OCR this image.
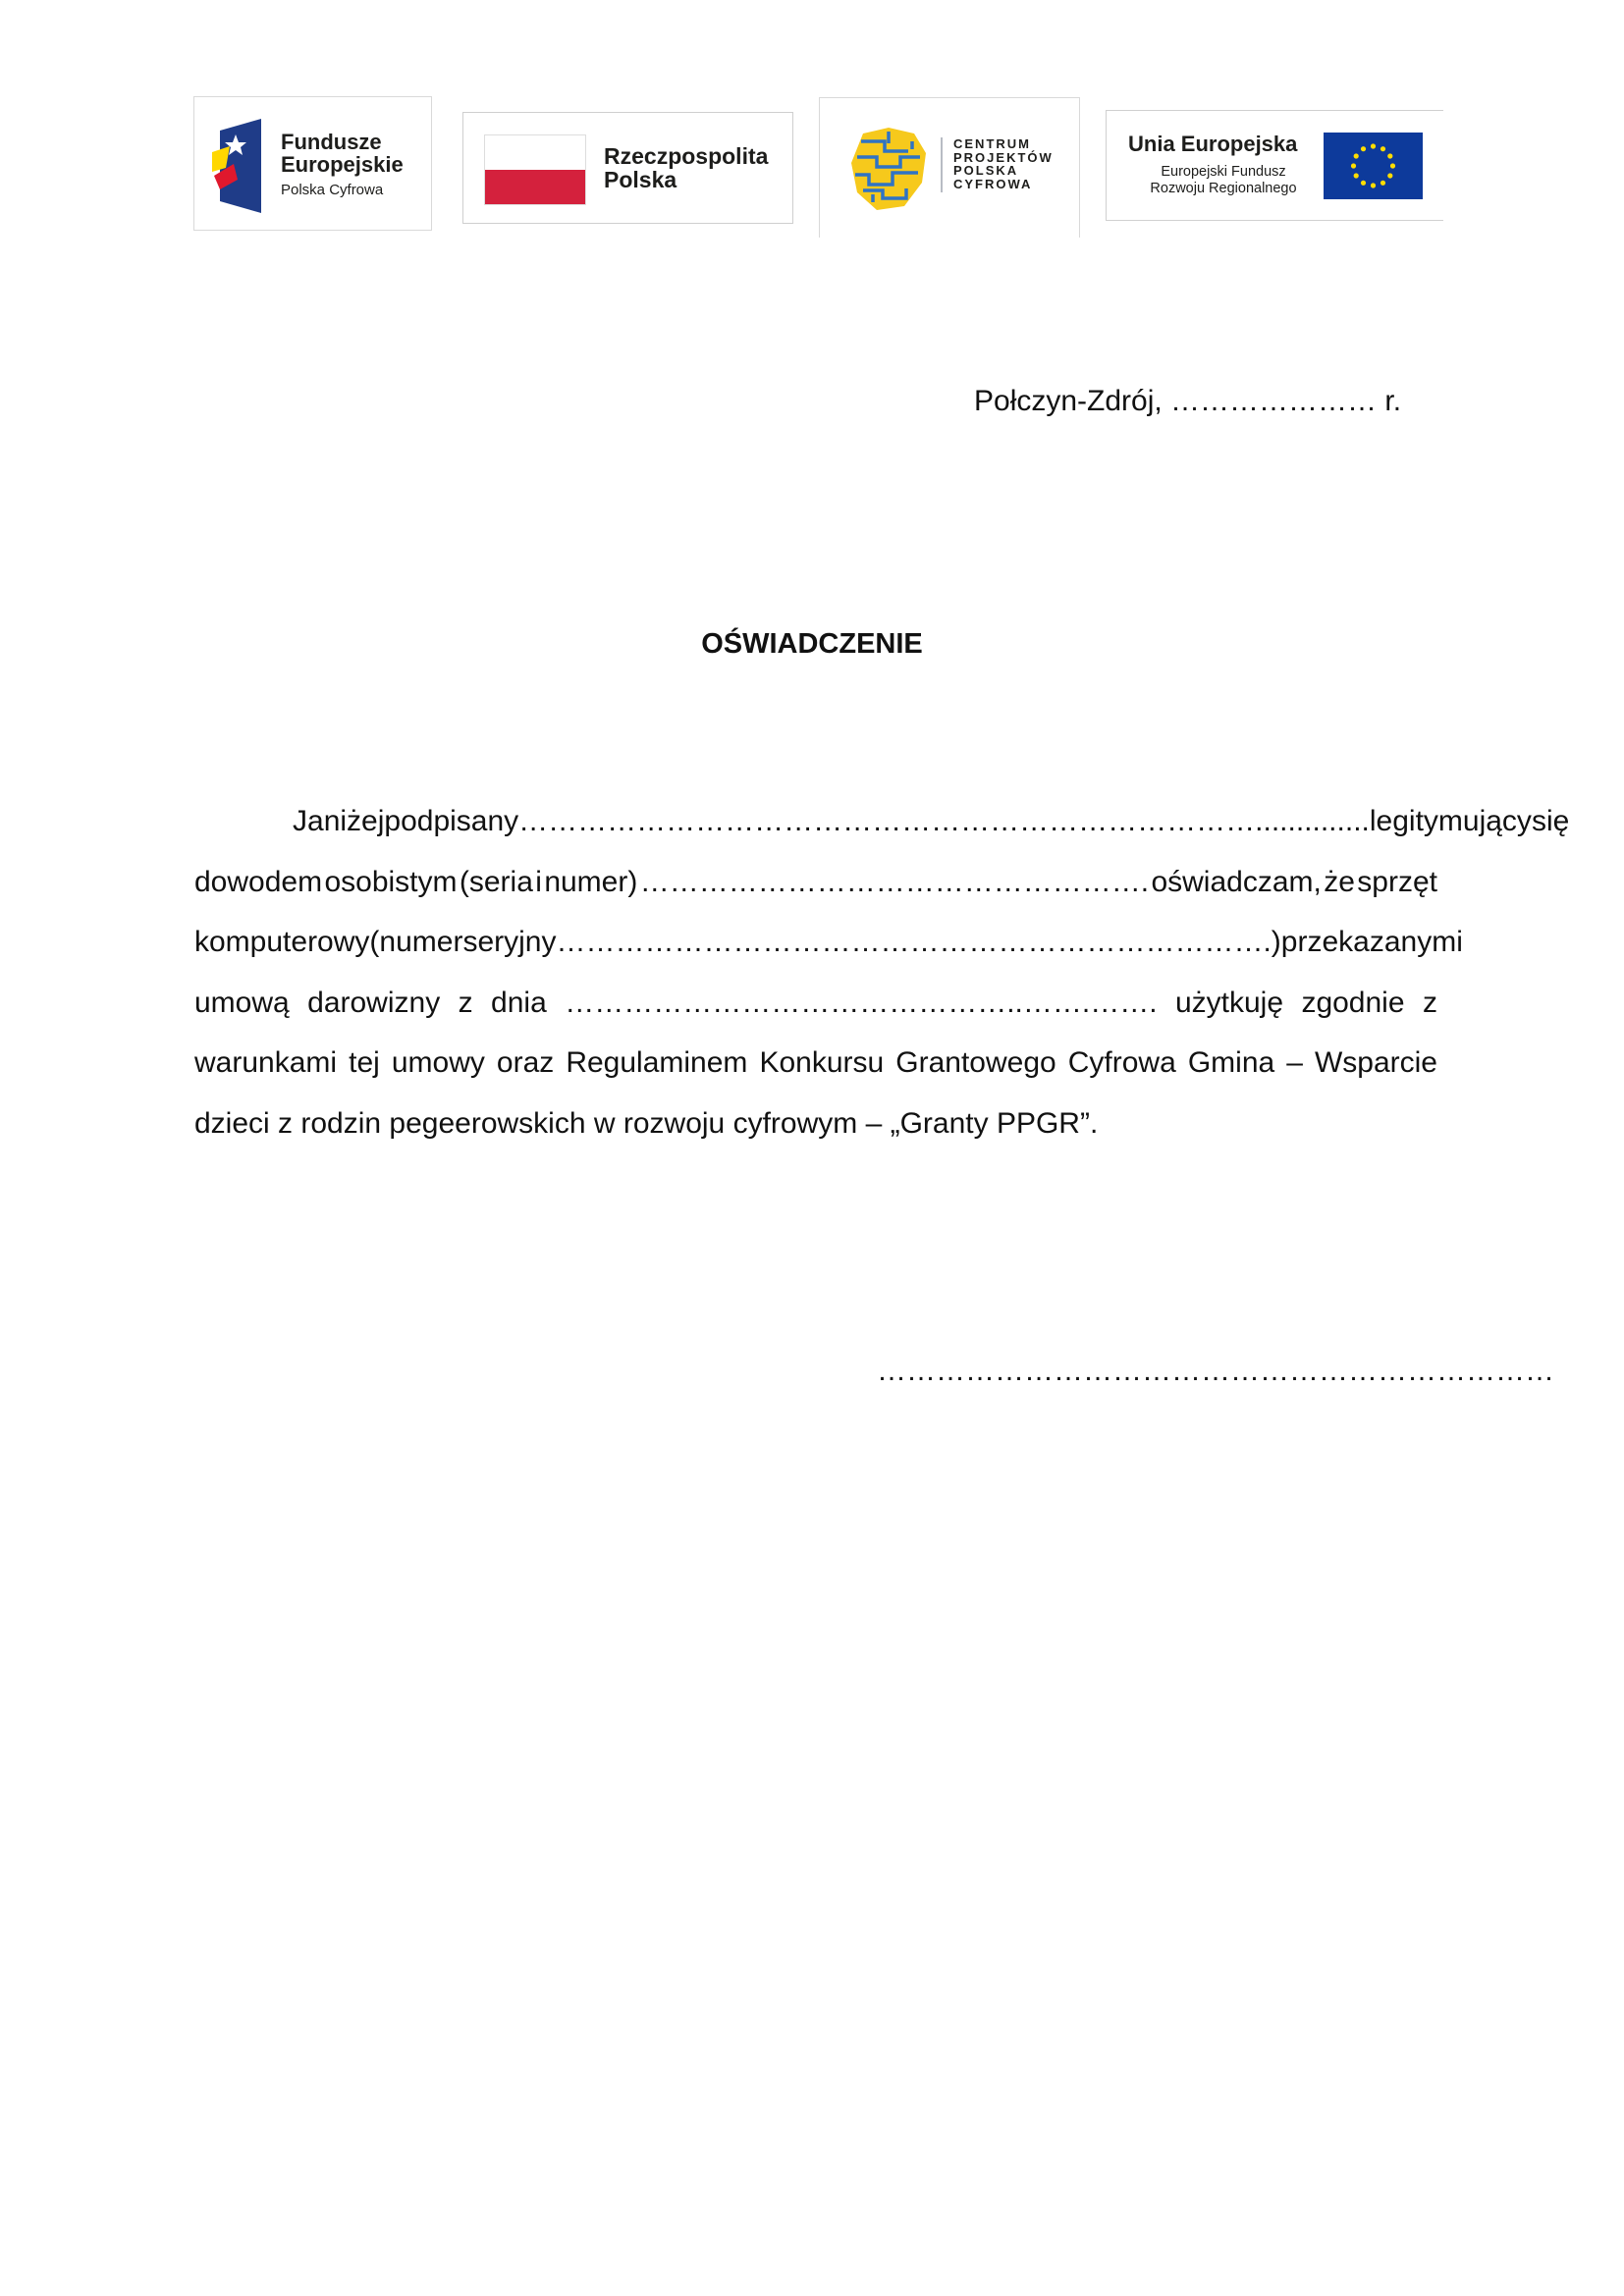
Fundusze
Europejskie
Polska Cyfrowa
Rzeczpospolita
Polska
CENTRUM
PROJEKTÓW
POLSKA
CYFROWA
Unia Europejska
Europejski Fundusz
Rozwoju Regionalnego
Połczyn-Zdrój, ………………… r.
OŚWIADCZENIE
Ja niżej podpisany ………………………………………………………………….............. legitymujący się
dowodem osobistym (seria i numer) ……………………………………………. oświadczam, że sprzęt
komputerowy (numer seryjny ……………………………………………………………….) przekazany mi
umową darowizny z dnia ………………………………………..…….……. użytkuję zgodnie z
warunkami tej umowy oraz Regulaminem Konkursu Grantowego Cyfrowa Gmina – Wsparcie
dzieci z rodzin pegeerowskich w rozwoju cyfrowym – „Granty PPGR”.
……………………………………………………………
